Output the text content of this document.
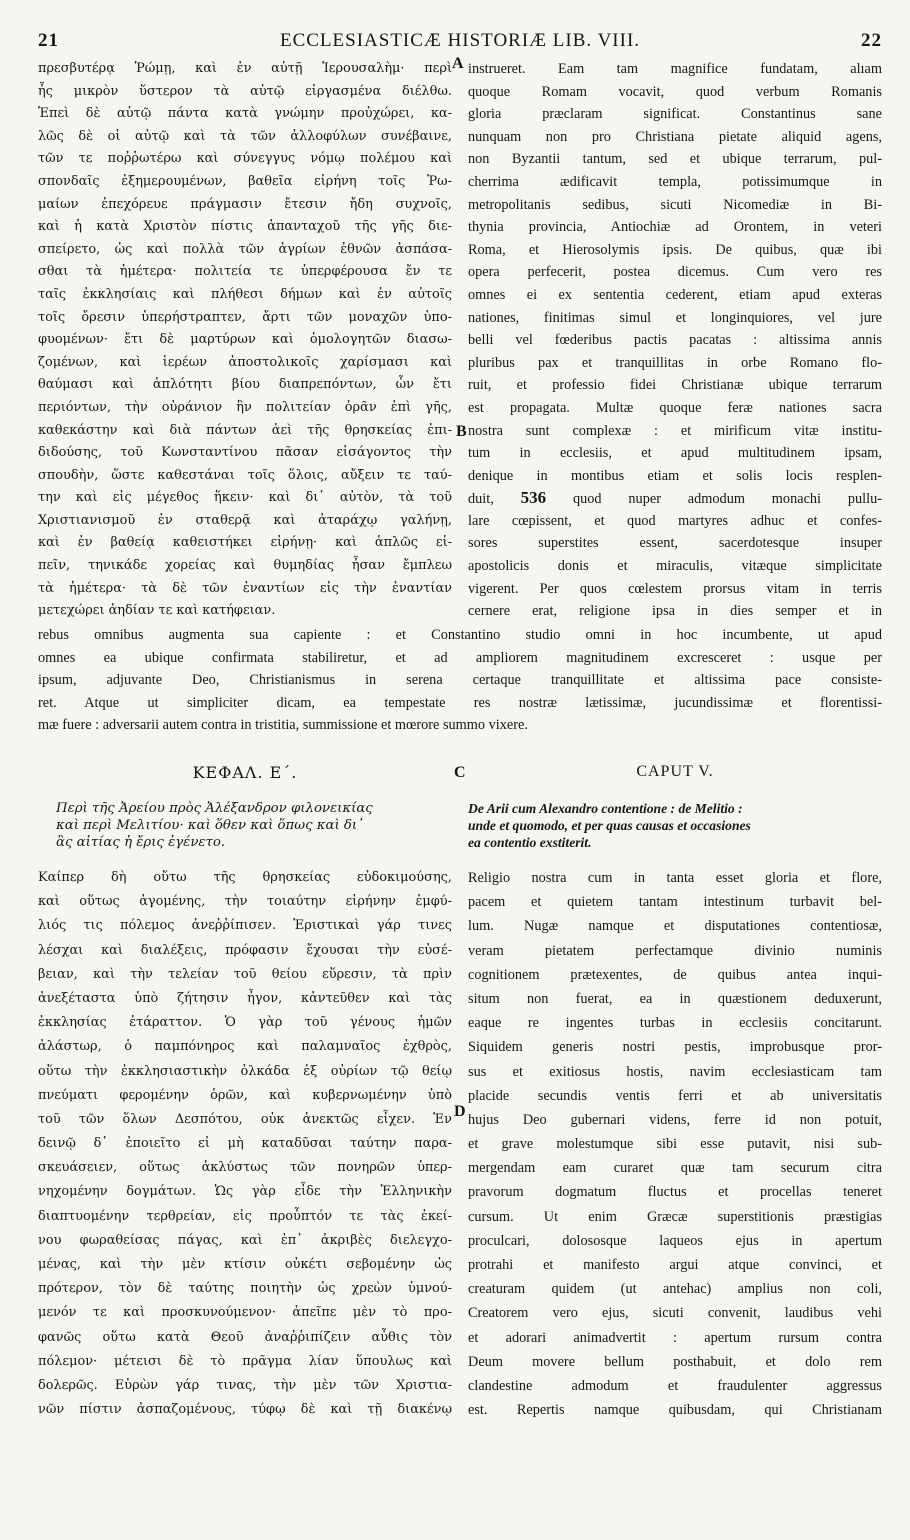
21	ECCLESIASTICÆ HISTORIÆ LIB. VIII.	22
πρεσβυτέρᾳ Ῥώμῃ, καὶ ἐν αὐτῇ Ἱερουσαλὴμ· περὶ
ἧς μικρὸν ὕστερον τὰ αὐτῷ εἰργασμένα διέλθω.
Ἐπεὶ δὲ αὐτῷ πάντα κατὰ γνώμην προὐχώρει, κα-
λῶς δὲ οἱ αὐτῷ καὶ τὰ τῶν ἀλλοφύλων συνέβαινε,
τῶν τε ποῤῥωτέρω καὶ σύνεγγυς νόμῳ πολέμου καὶ
σπονδαῖς ἐξημερουμένων, βαθεῖα εἰρήνη τοῖς Ῥω-
μαίων ἐπεχόρευε πράγμασιν ἔτεσιν ἤδη συχνοῖς,
καὶ ἡ κατὰ Χριστὸν πίστις ἁπανταχοῦ τῆς γῆς διε-
σπείρετο, ὡς καὶ πολλὰ τῶν ἀγρίων ἐθνῶν ἀσπάσα-
σθαι τὰ ἡμέτερα· πολιτεία τε ὑπερφέρουσα ἔν τε
ταῖς ἐκκλησίαις καὶ πλήθεσι δήμων καὶ ἐν αὐτοῖς
τοῖς ὄρεσιν ὑπερήστραπτεν, ἄρτι τῶν μοναχῶν ὑπο-
φυομένων· ἔτι δὲ μαρτύρων καὶ ὁμολογητῶν διασω-
ζομένων, καὶ ἱερέων ἀποστολικοῖς χαρίσμασι καὶ
θαύμασι καὶ ἁπλότητι βίου διαπρεπόντων, ὧν ἔτι
περιόντων, τὴν οὐράνιον ἣν πολιτείαν ὁρᾶν ἐπὶ γῆς,
καθεκάστην καὶ διὰ πάντων ἀεὶ τῆς θρησκείας ἐπι-
διδούσης, τοῦ Κωνσταντίνου πᾶσαν εἰσάγοντος τὴν
σπουδὴν, ὥστε καθεστάναι τοῖς ὅλοις, αὔξειν τε ταύ-
την καὶ εἰς μέγεθος ἥκειν· καὶ δι᾽ αὐτὸν, τὰ τοῦ
Χριστιανισμοῦ ἐν σταθερᾷ καὶ ἀταράχῳ γαλήνῃ,
καὶ ἐν βαθείᾳ καθειστήκει εἰρήνῃ· καὶ ἁπλῶς εἰ-
πεῖν, τηνικάδε χορείας καὶ θυμηδίας ἦσαν ἔμπλεω
τὰ ἡμέτερα· τὰ δὲ τῶν ἐναντίων εἰς τὴν ἐναντίαν
μετεχώρει ἀηδίαν τε καὶ κατήφειαν.
instrueret. Eam tam magnifice fundatam, alıam
quoque Romam vocavit, quod verbum Romanis
gloria præclaram significat. Constantinus sane
nunquam non pro Christiana pietate aliquid agens,
non Byzantii tantum, sed et ubique terrarum, pul-
cherrima ædificavit templa, potissimumque in
metropolitanis sedibus, sicuti Nicomediæ in Bi-
thynia provincia, Antiochiæ ad Orontem, in veteri
Roma, et Hierosolymis ipsis. De quibus, quæ ibi
opera perfecerit, postea dicemus. Cum vero res
omnes ei ex sententia cederent, etiam apud exteras
nationes, finitimas simul et longinquiores, vel jure
belli vel fœderibus pactis pacatas : altissima annis
pluribus pax et tranquillitas in orbe Romano flo-
ruit, et professio fidei Christianæ ubique terrarum
est propagata. Multæ quoque feræ nationes sacra
nostra sunt complexæ : et mirificum vitæ institu-
tum in ecclesiis, et apud multitudinem ipsam,
denique in montibus etiam et solis locis resplen-
duit, 536 quod nuper admodum monachi pullu-
lare cœpissent, et quod martyres adhuc et confes-
sores superstites essent, sacerdotesque insuper
apostolicis donis et miraculis, vitæque simplicitate
vigerent. Per quos cœlestem prorsus vitam in terris
cernere erat, religione ipsa in dies semper et in
A
B
rebus omnibus augmenta sua capiente : et Constantino studio omni in hoc incumbente, ut apud
omnes ea ubique confirmata stabiliretur, et ad ampliorem magnitudinem excresceret : usque per
ipsum, adjuvante Deo, Christianismus in serena certaque tranquillitate et altissima pace consiste-
ret. Atque ut simpliciter dicam, ea tempestate res nostræ lætissimæ, jucundissimæ et florentissi-
mæ fuere : adversarii autem contra in tristitia, summissione et mœrore summo vixere.
ΚΕΦΑΛ. Ε΄.	C	CAPUT V.
Περὶ τῆς Ἀρείου πρὸς Ἀλέξανδρον φιλονεικίας
καὶ περὶ Μελιτίου· καὶ ὅθεν καὶ ὅπως καὶ δι᾽
ἃς αἰτίας ἡ ἔρις ἐγένετο.
De Arii cum Alexandro contentione : de Melitio :
unde et quomodo, et per quas causas et occasiones
ea contentio exstiterit.
Καίπερ δὴ οὕτω τῆς θρησκείας εὐδοκιμούσης,
καὶ οὕτως ἀγομένης, τὴν τοιαύτην εἰρήνην ἐμφύ-
λιός τις πόλεμος ἀνεῤῥίπισεν. Ἐριστικαὶ γάρ τινες
λέσχαι καὶ διαλέξεις, πρόφασιν ἔχουσαι τὴν εὐσέ-
βειαν, καὶ τὴν τελείαν τοῦ θείου εὕρεσιν, τὰ πρὶν
ἀνεξέταστα ὑπὸ ζήτησιν ἦγον, κἀντεῦθεν καὶ τὰς
ἐκκλησίας ἐτάραττον. Ὁ γὰρ τοῦ γένους ἡμῶν
ἀλάστωρ, ὁ παμπόνηρος καὶ παλαμναῖος ἐχθρὸς,
οὕτω τὴν ἐκκλησιαστικὴν ὁλκάδα ἐξ οὐρίων τῷ θείῳ
πνεύματι φερομένην ὁρῶν, καὶ κυβερνωμένην ὑπὸ
τοῦ τῶν ὅλων Δεσπότου, οὐκ ἀνεκτῶς εἶχεν. Ἐν
δεινῷ δ᾽ ἐποιεῖτο εἰ μὴ καταδῦσαι ταύτην παρα-
σκευάσειεν, οὕτως ἀκλύστως τῶν πονηρῶν ὑπερ-
νηχομένην δογμάτων. Ὡς γὰρ εἶδε τὴν Ἑλληνικὴν
διαπτυομένην τερθρείαν, εἰς προὖπτόν τε τὰς ἐκεί-
νου φωραθείσας πάγας, καὶ ἐπ᾽ ἀκριβὲς διελεγχο-
μένας, καὶ τὴν μὲν κτίσιν οὐκέτι σεβομένην ὡς
πρότερον, τὸν δὲ ταύτης ποιητὴν ὡς χρεὼν ὑμνού-
μενόν τε καὶ προσκυνούμενον· ἀπεῖπε μὲν τὸ προ-
φανῶς οὕτω κατὰ Θεοῦ ἀναῤῥιπίζειν αὖθις τὸν
πόλεμον· μέτεισι δὲ τὸ πρᾶγμα λίαν ὕπουλως καὶ
δολερῶς. Εὑρὼν γάρ τινας, τὴν μὲν τῶν Χριστια-
νῶν πίστιν ἀσπαζομένους, τύφῳ δὲ καὶ τῇ διακένῳ
D
Religio nostra cum in tanta esset gloria et flore,
pacem et quietem tantam intestinum turbavit bel-
lum. Nugæ namque et disputationes contentiosæ,
veram pietatem perfectamque divinio numinis
cognitionem prætexentes, de quibus antea inqui-
situm non fuerat, ea in quæstionem deduxerunt,
eaque re ingentes turbas in ecclesiis concitarunt.
Siquidem generis nostri pestis, improbusque pror-
sus et exitiosus hostis, navim ecclesiasticam tam
placide secundis ventis ferri et ab universitatis
hujus Deo gubernari videns, ferre id non potuit,
et grave molestumque sibi esse putavit, nisi sub-
mergendam eam curaret quæ tam securum citra
pravorum dogmatum fluctus et procellas teneret
cursum. Ut enim Græcæ superstitionis præstigias
proculcari, dolososque laqueos ejus in apertum
protrahi et manifesto argui atque convinci, et
creaturam quidem (ut antehac) amplius non coli,
Creatorem vero ejus, sicuti convenit, laudibus vehi
et adorari animadvertit : apertum rursum contra
Deum movere bellum posthabuit, et dolo rem
clandestine admodum et fraudulenter aggressus
est. Repertis namque quibusdam, qui Christianam
